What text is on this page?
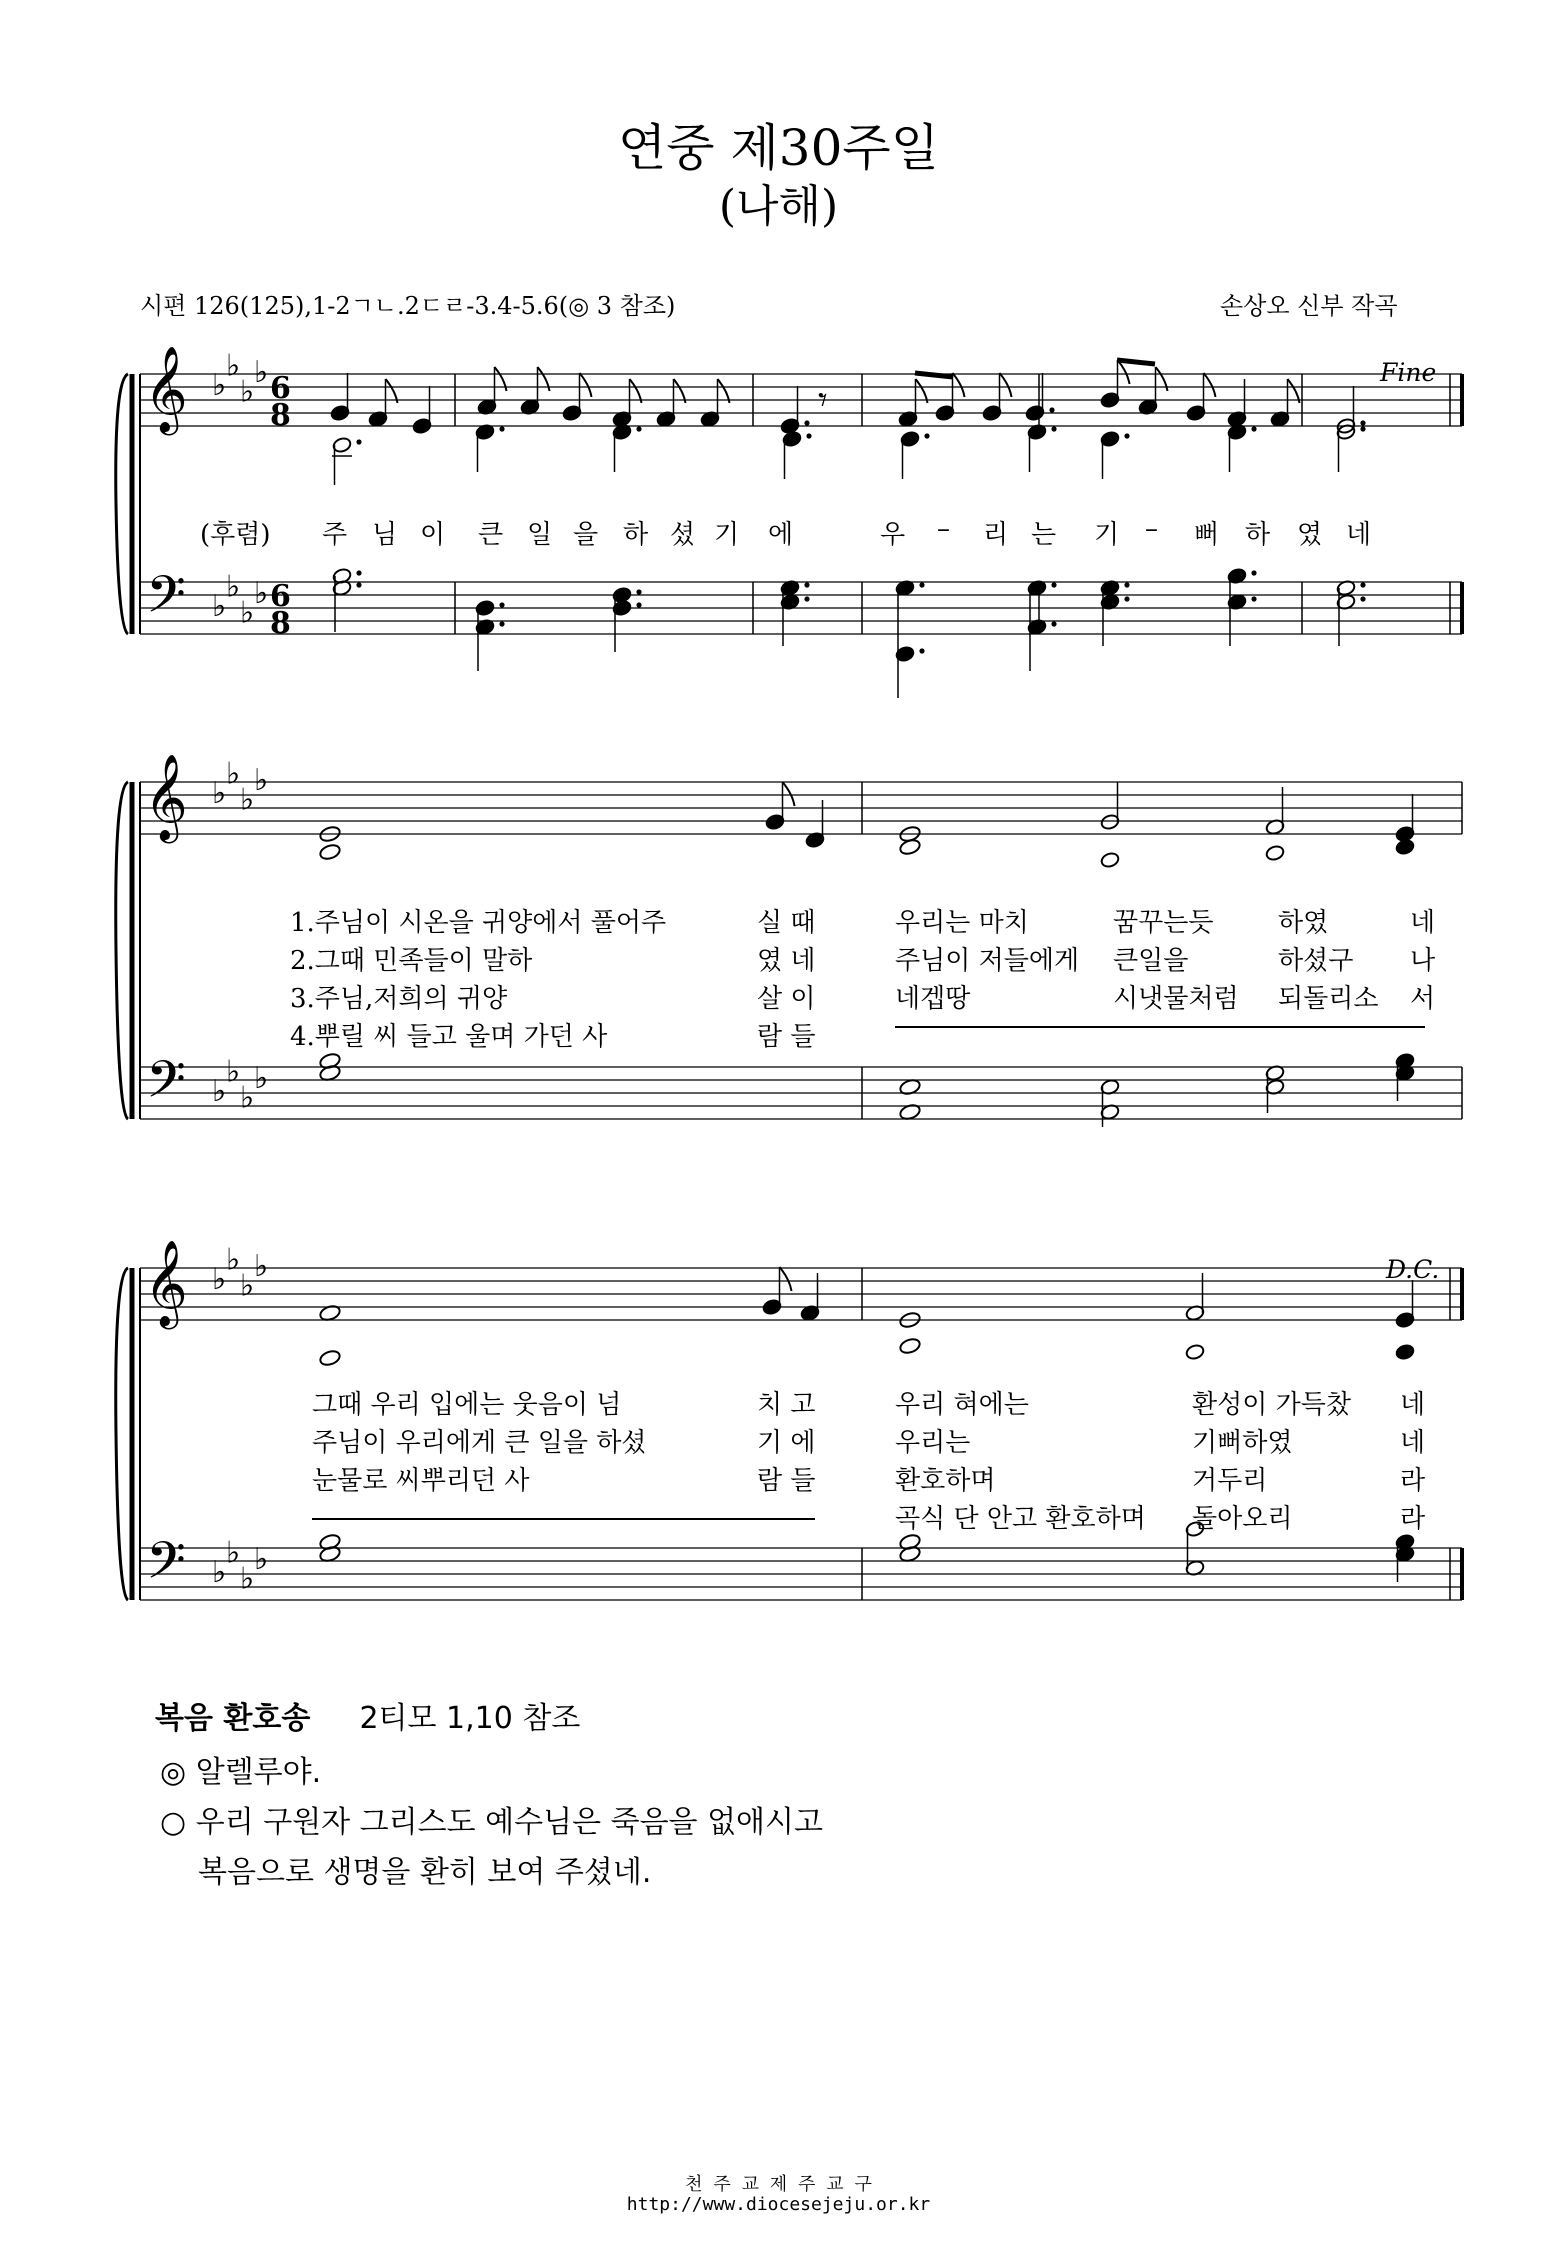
연중 제30주일
(나해)
시편 126(125),1-2ㄱㄴ.2ㄷㄹ-3.4-5.6(◎ 3 참조)	손상오 신부 작곡
𝄞
𝄢
♭
♭
♭
♭
♭
♭
♭
♭
6
8
6
8
𝄾
𝄞
𝄢
♭
♭
♭
♭
♭
♭
♭
♭
𝄞
𝄢
♭
♭
♭
♭
♭
♭
♭
♭
Fine
D.C.
(후렴) 주 님 이 큰 일 을 하 셨 기 에	우 – 리 는 기 – 뻐 하 였 네
1.주님이 시온을 귀양에서 풀어주	실 때	우리는 마치	꿈꾸는듯 하였	네
2.그때 민족들이 말하	였 네	주님이 저들에게 큰일을	하셨구 나
3.주님,저희의 귀양	살 이	네겝땅	시냇물처럼 되돌리소 서
4.뿌릴 씨 들고 울며 가던 사	람 들
그때 우리 입에는 웃음이 넘	치 고	우리 혀에는	환성이 가득찼 네
주님이 우리에게 큰 일을 하셨	기 에	우리는	기뻐하였	네
눈물로 씨뿌리던 사	람 들	환호하며	거두리	라
곡식 단 안고 환호하며 돌아오리	라
복음 환호송 2티모 1,10 참조
◎ 알렐루야.
○ 우리 구원자 그리스도 예수님은 죽음을 없애시고
복음으로 생명을 환히 보여 주셨네.
천 주 교 제 주 교 구
http://www.diocesejeju.or.kr
